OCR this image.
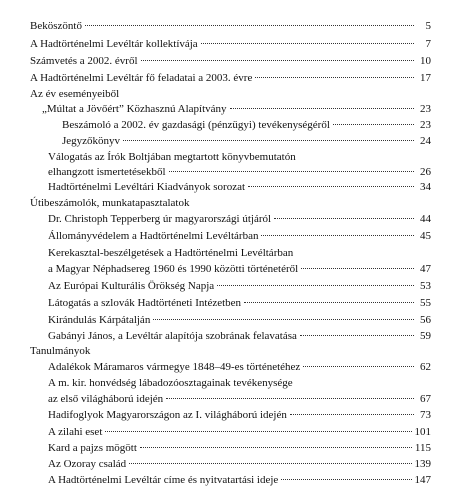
Beköszöntő	5
A Hadtörténelmi Levéltár kollektívája	7
Számvetés a 2002. évről	10
A Hadtörténelmi Levéltár fő feladatai a 2003. évre	17
Az év eseményeiből
„Múltat a Jövőért” Közhasznú Alapítvány	23
Beszámoló a 2002. év gazdasági (pénzügyi) tevékenységéről	23
Jegyzőkönyv	24
Válogatás az Írók Boltjában megtartott könyvbemutatón
elhangzott ismertetésekből	26
Hadtörténelmi Levéltári Kiadványok sorozat	34
Útibeszámolók, munkatapasztalatok
Dr. Christoph Tepperberg úr magyarországi útjáról	44
Állományvédelem a Hadtörténelmi Levéltárban	45
Kerekasztal-beszélgetések a Hadtörténelmi Levéltárban
a Magyar Néphadsereg 1960 és 1990 közötti történetéről	47
Az Európai Kulturális Örökség Napja	53
Látogatás a szlovák Hadtörténeti Intézetben	55
Kirándulás Kárpátalján	56
Gabányi János, a Levéltár alapítója szobrának felavatása	59
Tanulmányok
Adalékok Máramaros vármegye 1848–49-es történetéhez	62
A m. kir. honvédség lábadozóosztagainak tevékenysége
az első világháború idején	67
Hadifoglyok Magyarországon az I. világháború idején	73
A zilahi eset	101
Kard a pajzs mögött	115
Az Ozoray család	139
A Hadtörténelmi Levéltár címe és nyitvatartási ideje	147
